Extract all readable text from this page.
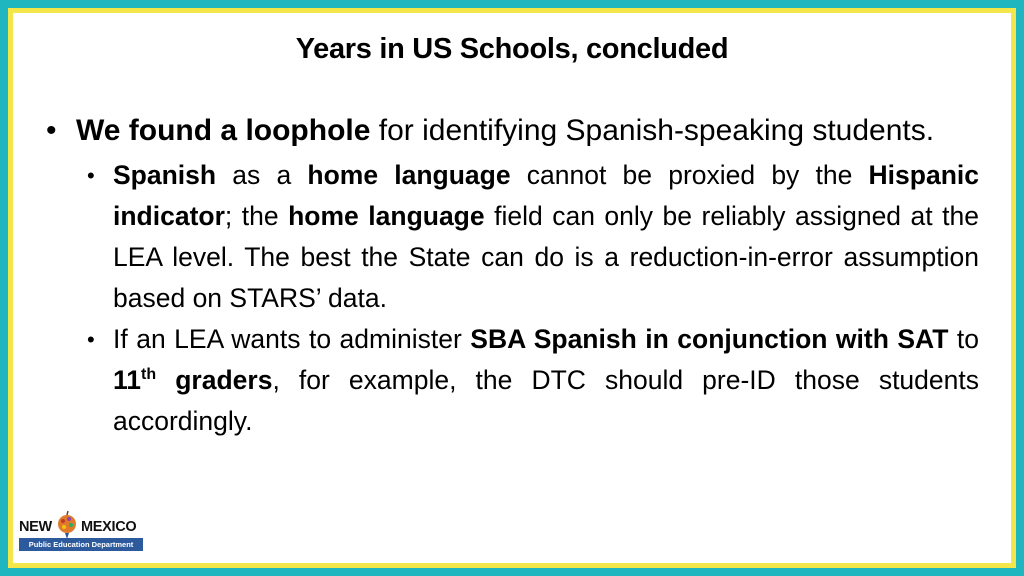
Years in US Schools, concluded
• We found a loophole for identifying Spanish-speaking students.
• Spanish as a home language cannot be proxied by the Hispanic indicator; the home language field can only be reliably assigned at the LEA level. The best the State can do is a reduction-in-error assumption based on STARS’ data.
• If an LEA wants to administer SBA Spanish in conjunction with SAT to 11th graders, for example, the DTC should pre-ID those students accordingly.
NEW MEXICO
Public Education Department
